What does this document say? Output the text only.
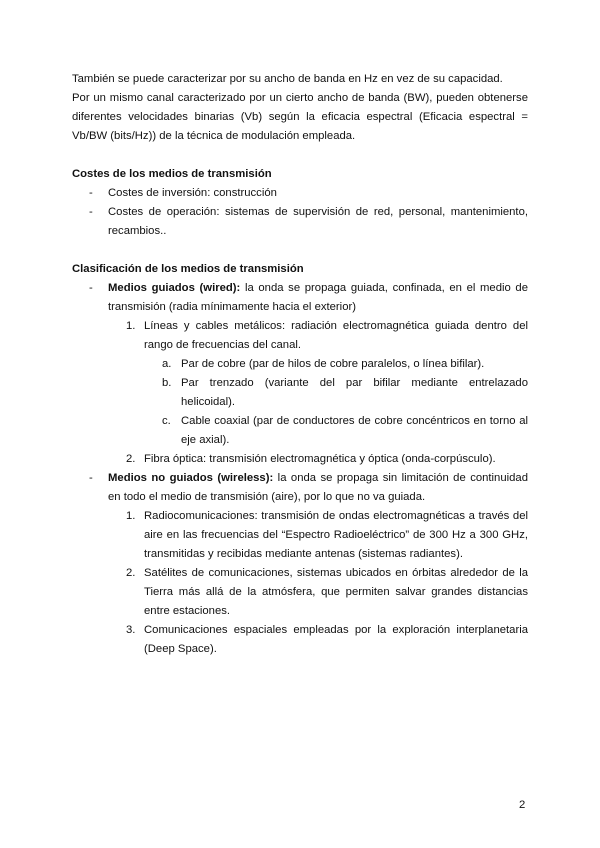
También se puede caracterizar por su ancho de banda en Hz en vez de su capacidad.

Por un mismo canal caracterizado por un cierto ancho de banda (BW), pueden obtenerse diferentes velocidades binarias (Vb) según la eficacia espectral (Eficacia espectral = Vb/BW (bits/Hz)) de la técnica de modulación empleada.

Costes de los medios de transmisión
- Costes de inversión: construcción
- Costes de operación: sistemas de supervisión de red, personal, mantenimiento, recambios..
Clasificación de los medios de transmisión
- Medios guiados (wired): la onda se propaga guiada, confinada, en el medio de transmisión (radia mínimamente hacia el exterior)
1. Líneas y cables metálicos: radiación electromagnética guiada dentro del rango de frecuencias del canal.
a. Par de cobre (par de hilos de cobre paralelos, o línea bifilar).
b. Par trenzado (variante del par bifilar mediante entrelazado helicoidal).
c. Cable coaxial (par de conductores de cobre concéntricos en torno al eje axial).
2. Fibra óptica: transmisión electromagnética y óptica (onda-corpúsculo).
- Medios no guiados (wireless): la onda se propaga sin limitación de continuidad en todo el medio de transmisión (aire), por lo que no va guiada.
1. Radiocomunicaciones: transmisión de ondas electromagnéticas a través del aire en las frecuencias del “Espectro Radioeléctrico” de 300 Hz a 300 GHz, transmitidas y recibidas mediante antenas (sistemas radiantes).
2. Satélites de comunicaciones, sistemas ubicados en órbitas alrededor de la Tierra más allá de la atmósfera, que permiten salvar grandes distancias entre estaciones.
3. Comunicaciones espaciales empleadas por la exploración interplanetaria (Deep Space).
2
